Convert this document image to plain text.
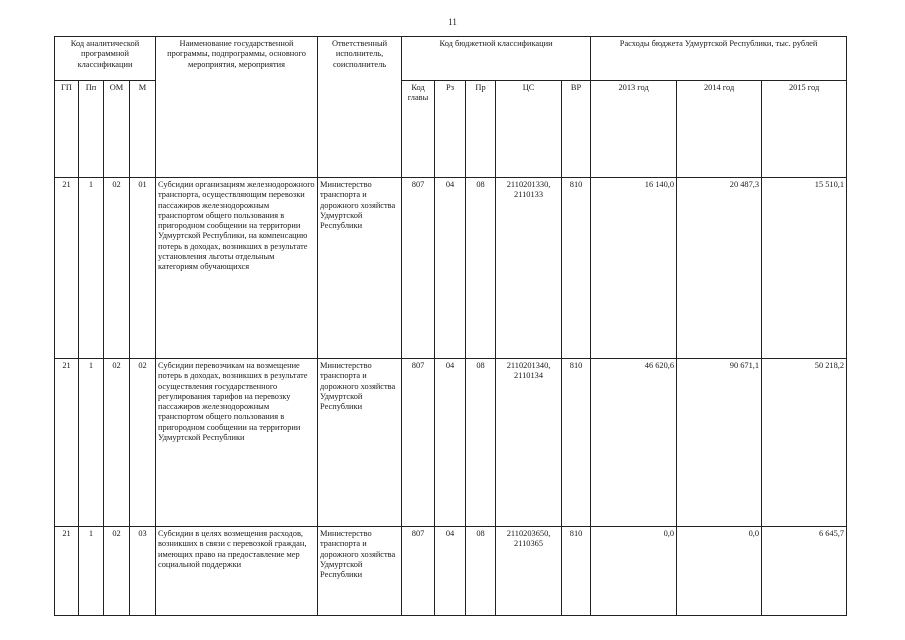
11
Код аналитической программной классификации				Наименование государственной программы, подпрограммы, основного мероприятия, мероприятия	Ответственный исполнитель, соисполнитель	Код бюджетной классификации					Расходы бюджета Удмуртской Республики, тыс. рублей		
ГП	Пп	ОМ	М			Код главы	Рз	Пр	ЦС	ВР	2013 год	2014 год	2015 год
21	1	02	01	Субсидии организациям железнодорожного транспорта, осуществляющим перевозки пассажиров железнодорожным транспортом общего пользования в пригородном сообщении на территории Удмуртской Республики, на компенсацию потерь в доходах, возникших в результате установления льготы отдельным категориям обучающихся	Министерство транспорта и дорожного хозяйства Удмуртской Республики	807	04	08	2110201330, 2110133	810	16 140,0	20 487,3	15 510,1
21	1	02	02	Субсидии перевозчикам на возмещение потерь в доходах, возникших в результате осуществления государственного регулирования тарифов на перевозку пассажиров железнодорожным транспортом общего пользования в пригородном сообщении на территории Удмуртской Республики	Министерство транспорта и дорожного хозяйства Удмуртской Республики	807	04	08	2110201340, 2110134	810	46 620,6	90 671,1	50 218,2
21	1	02	03	Субсидии в целях возмещения расходов, возникших в связи с перевозкой граждан, имеющих право на предоставление мер социальной поддержки	Министерство транспорта и дорожного хозяйства Удмуртской Республики	807	04	08	2110203650, 2110365	810	0,0	0,0	6 645,7
